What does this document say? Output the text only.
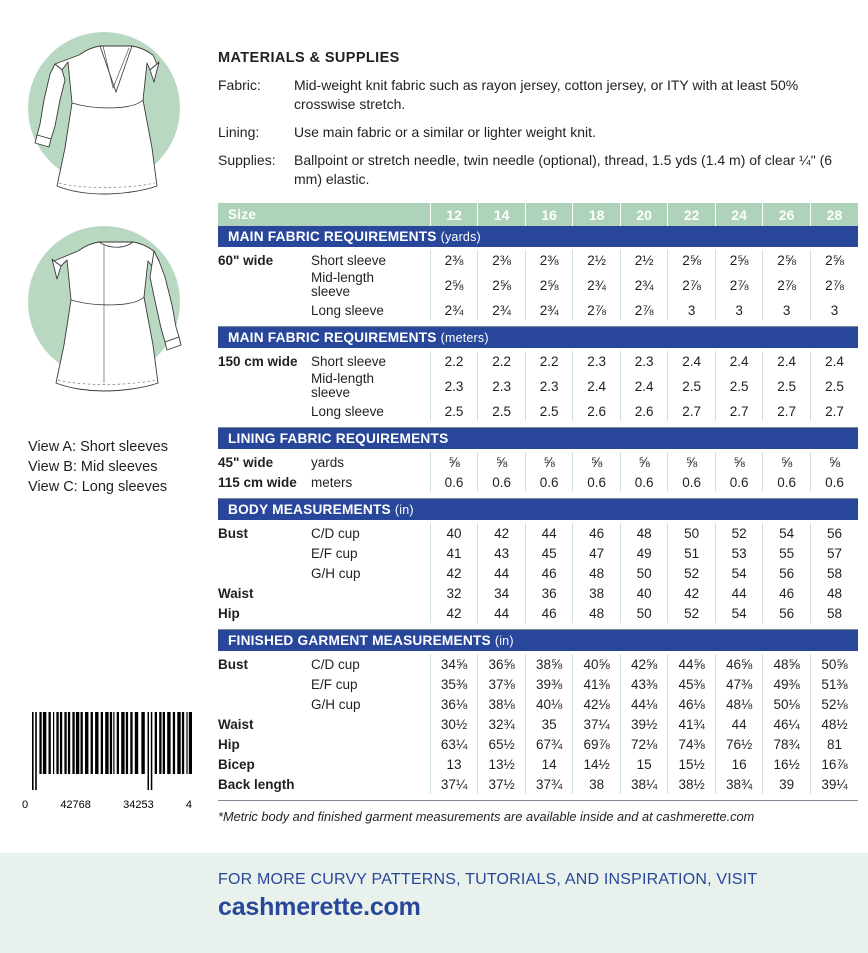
View A: Short sleeves
View B: Mid sleeves
View C: Long sleeves
0	42768	34253	4
MATERIALS & SUPPLIES
Fabric:	Mid-weight knit fabric such as rayon jersey, cotton jersey, or ITY with at least 50% crosswise stretch.
Lining:	Use main fabric or a similar or lighter weight knit.
Supplies:	Ballpoint or stretch needle, twin needle (optional), thread, 1.5 yds (1.4 m) of clear ¼" (6 mm) elastic.
Size		12	14	16	18	20	22	24	26	28
MAIN FABRIC REQUIREMENTS (yards)										

60" wide	Short sleeve	2⅜	2⅜	2⅜	2½	2½	2⅝	2⅝	2⅝	2⅝
	Mid-length
sleeve	2⅝	2⅝	2⅝	2¾	2¾	2⅞	2⅞	2⅞	2⅞
	Long sleeve	2¾	2¾	2¾	2⅞	2⅞	3	3	3	3

MAIN FABRIC REQUIREMENTS (meters)										

150 cm wide	Short sleeve	2.2	2.2	2.2	2.3	2.3	2.4	2.4	2.4	2.4
	Mid-length
sleeve	2.3	2.3	2.3	2.4	2.4	2.5	2.5	2.5	2.5
	Long sleeve	2.5	2.5	2.5	2.6	2.6	2.7	2.7	2.7	2.7

LINING FABRIC REQUIREMENTS										

45" wide	yards	⅝	⅝	⅝	⅝	⅝	⅝	⅝	⅝	⅝
115 cm wide	meters	0.6	0.6	0.6	0.6	0.6	0.6	0.6	0.6	0.6

BODY MEASUREMENTS (in)										

Bust	C/D cup	40	42	44	46	48	50	52	54	56
	E/F cup	41	43	45	47	49	51	53	55	57
	G/H cup	42	44	46	48	50	52	54	56	58
Waist		32	34	36	38	40	42	44	46	48
Hip		42	44	46	48	50	52	54	56	58

FINISHED GARMENT MEASUREMENTS (in)										

Bust	C/D cup	34⅝	36⅝	38⅝	40⅝	42⅝	44⅝	46⅝	48⅝	50⅝
	E/F cup	35⅜	37⅜	39⅜	41⅜	43⅜	45⅜	47⅜	49⅜	51⅜
	G/H cup	36⅛	38⅛	40⅛	42⅛	44⅛	46⅛	48⅛	50⅛	52⅛
Waist		30½	32¾	35	37¼	39½	41¾	44	46¼	48½
Hip		63¼	65½	67¾	69⅞	72⅛	74⅜	76½	78¾	81
Bicep		13	13½	14	14½	15	15½	16	16½	16⅞
Back length		37¼	37½	37¾	38	38¼	38½	38¾	39	39¼

*Metric body and finished garment measurements are available inside and at cashmerette.com
FOR MORE CURVY PATTERNS, TUTORIALS, AND INSPIRATION, VISIT
cashmerette.com
